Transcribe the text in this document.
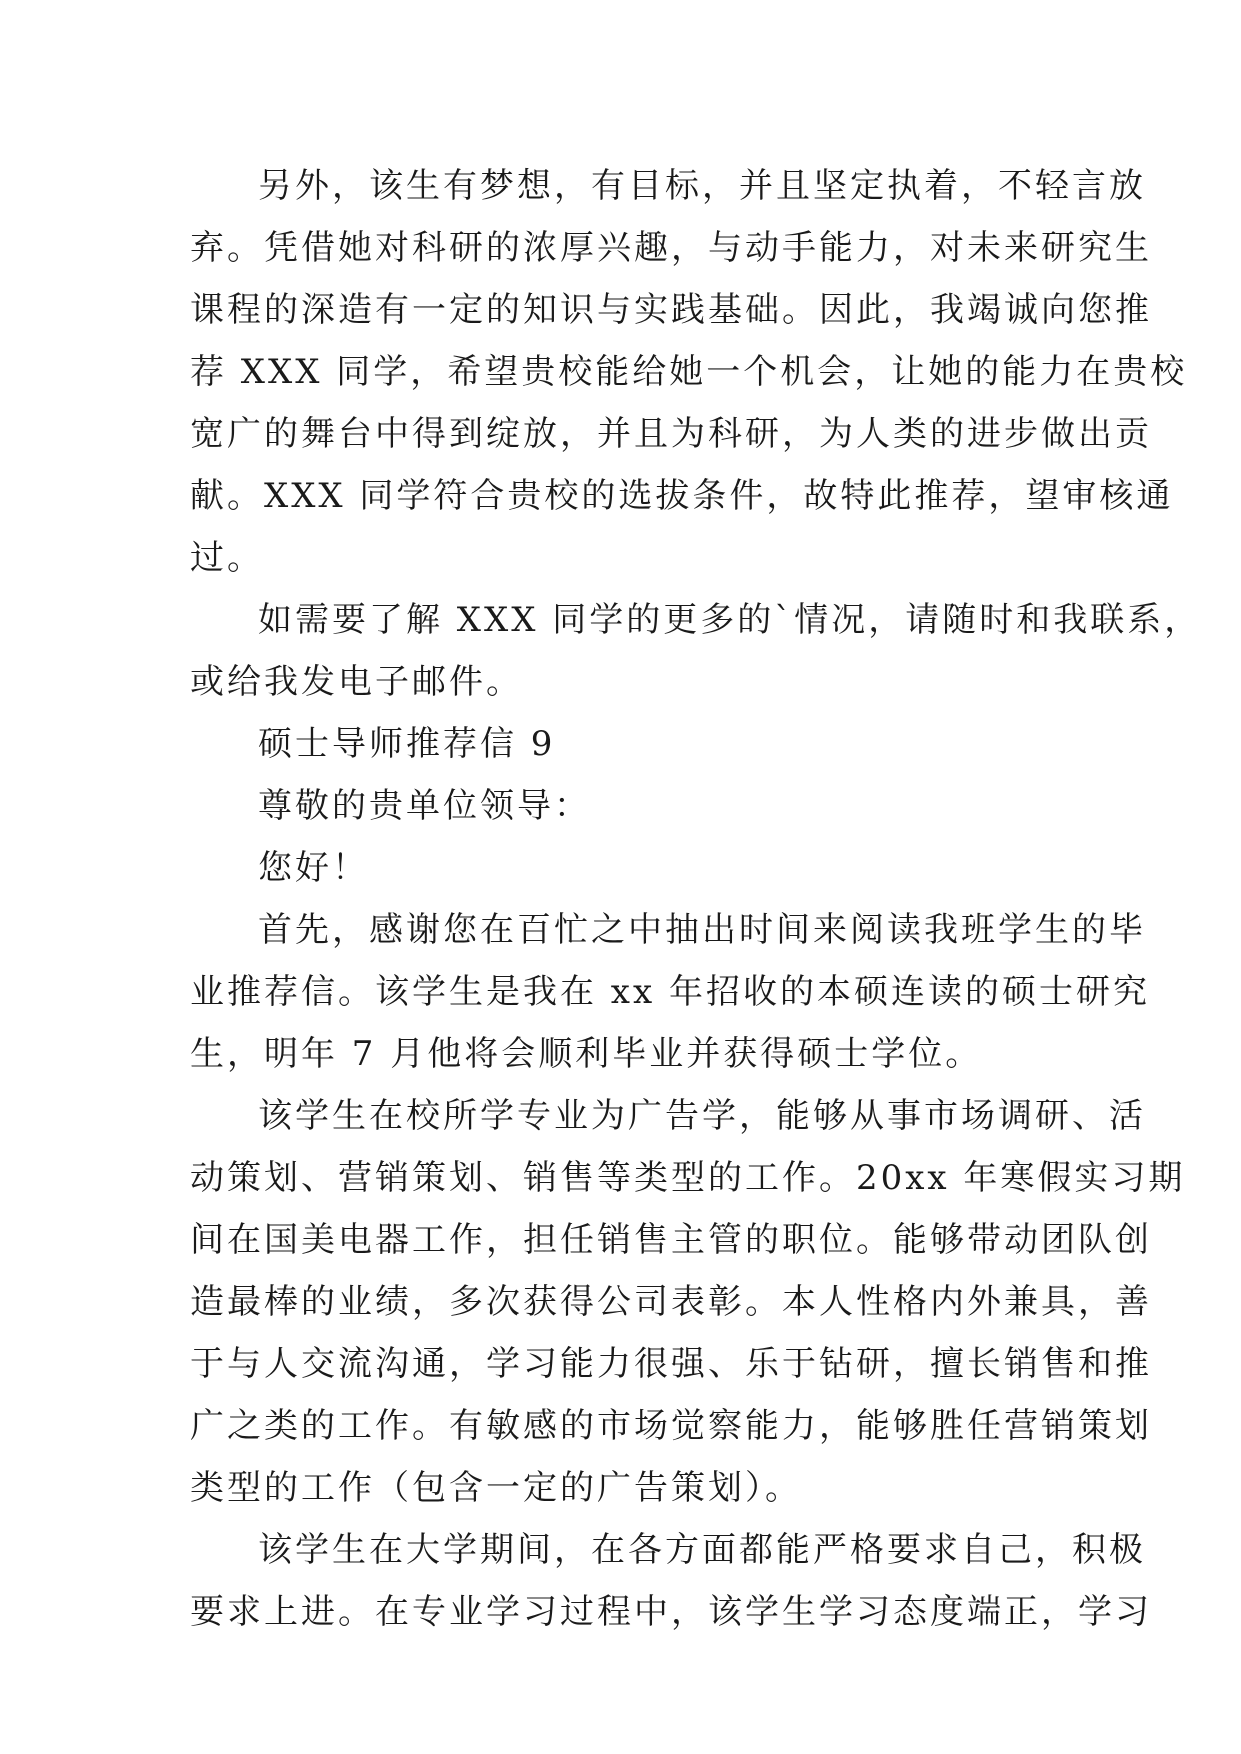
另外，该生有梦想，有目标，并且坚定执着，不轻言放
弃。凭借她对科研的浓厚兴趣，与动手能力，对未来研究生
课程的深造有一定的知识与实践基础。因此，我竭诚向您推
荐 XXX 同学，希望贵校能给她一个机会，让她的能力在贵校
宽广的舞台中得到绽放，并且为科研，为人类的进步做出贡
献。XXX 同学符合贵校的选拔条件，故特此推荐，望审核通
过。
如需要了解 XXX 同学的更多的`情况，请随时和我联系，
或给我发电子邮件。
硕士导师推荐信 9
尊敬的贵单位领导：
您好！
首先，感谢您在百忙之中抽出时间来阅读我班学生的毕
业推荐信。该学生是我在 xx 年招收的本硕连读的硕士研究
生，明年 7 月他将会顺利毕业并获得硕士学位。
该学生在校所学专业为广告学，能够从事市场调研、活
动策划、营销策划、销售等类型的工作。20xx 年寒假实习期
间在国美电器工作，担任销售主管的职位。能够带动团队创
造最棒的业绩，多次获得公司表彰。本人性格内外兼具，善
于与人交流沟通，学习能力很强、乐于钻研，擅长销售和推
广之类的工作。有敏感的市场觉察能力，能够胜任营销策划
类型的工作（包含一定的广告策划）。
该学生在大学期间，在各方面都能严格要求自己，积极
要求上进。在专业学习过程中，该学生学习态度端正，学习
